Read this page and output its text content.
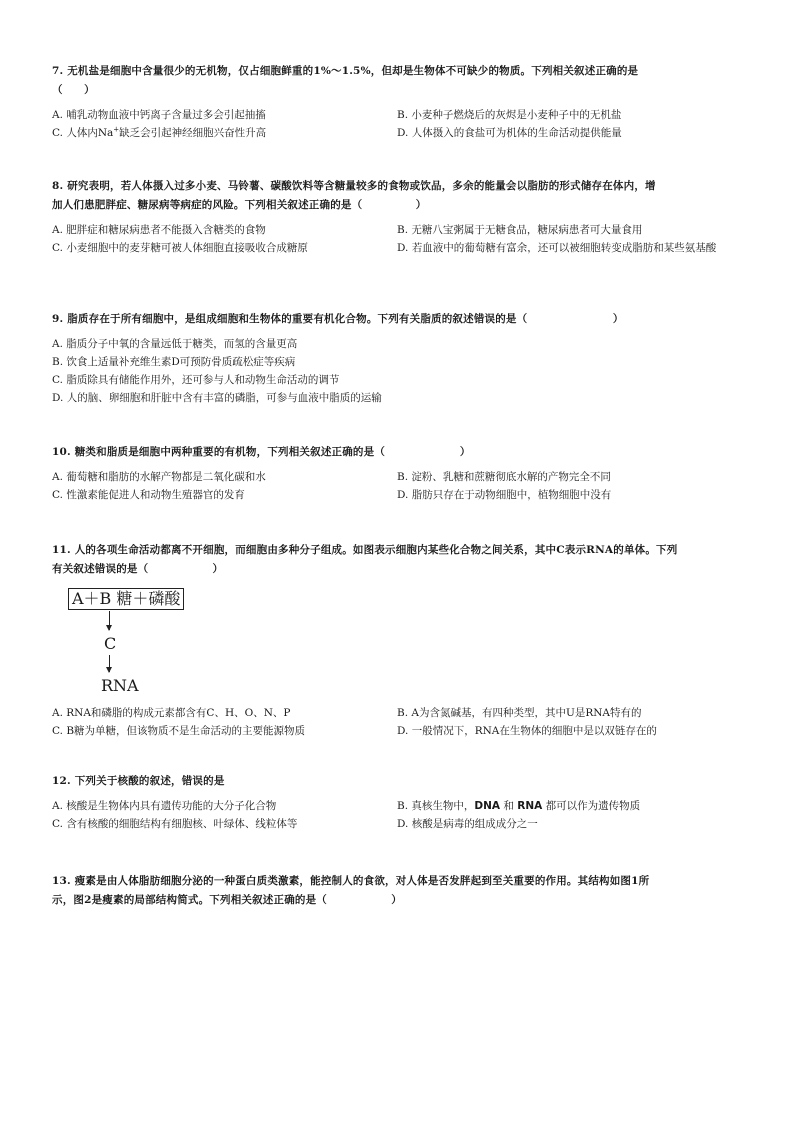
7. 无机盐是细胞中含量很少的无机物，仅占细胞鲜重的1%～1.5%，但却是生物体不可缺少的物质。下列相关叙述正确的是
（　　）
A. 哺乳动物血液中钙离子含量过多会引起抽搐	B. 小麦种子燃烧后的灰烬是小麦种子中的无机盐
C. 人体内Na+缺乏会引起神经细胞兴奋性升高	D. 人体摄入的食盐可为机体的生命活动提供能量
8. 研究表明，若人体摄入过多小麦、马铃薯、碳酸饮料等含糖量较多的食物或饮品，多余的能量会以脂肪的形式储存在体内，增
加人们患肥胖症、糖尿病等病症的风险。下列相关叙述正确的是（　　　　　）
A. 肥胖症和糖尿病患者不能摄入含糖类的食物	B. 无糖八宝粥属于无糖食品，糖尿病患者可大量食用
C. 小麦细胞中的麦芽糖可被人体细胞直接吸收合成糖原	D. 若血液中的葡萄糖有富余，还可以被细胞转变成脂肪和某些氨基酸
9. 脂质存在于所有细胞中，是组成细胞和生物体的重要有机化合物。下列有关脂质的叙述错误的是（　　　　　　　　）
A. 脂质分子中氧的含量远低于糖类，而氢的含量更高
B. 饮食上适量补充维生素D可预防骨质疏松症等疾病
C. 脂质除具有储能作用外，还可参与人和动物生命活动的调节
D. 人的脑、卵细胞和肝脏中含有丰富的磷脂，可参与血液中脂质的运输
10. 糖类和脂质是细胞中两种重要的有机物，下列相关叙述正确的是（　　　　　　　）
A. 葡萄糖和脂肪的水解产物都是二氧化碳和水	B. 淀粉、乳糖和蔗糖彻底水解的产物完全不同
C. 性激素能促进人和动物生殖器官的发育	D. 脂肪只存在于动物细胞中，植物细胞中没有
11. 人的各项生命活动都离不开细胞，而细胞由多种分子组成。如图表示细胞内某些化合物之间关系，其中C表示RNA的单体。下列
有关叙述错误的是（　　　　　　）
A＋B 糖＋磷酸
C
RNA
A. RNA和磷脂的构成元素都含有C、H、O、N、P	B. A为含氮碱基，有四种类型，其中U是RNA特有的
C. B糖为单糖，但该物质不是生命活动的主要能源物质	D. 一般情况下，RNA在生物体的细胞中是以双链存在的
12. 下列关于核酸的叙述，错误的是
A. 核酸是生物体内具有遗传功能的大分子化合物	B. 真核生物中，DNA 和 RNA 都可以作为遗传物质
C. 含有核酸的细胞结构有细胞核、叶绿体、线粒体等	D. 核酸是病毒的组成成分之一
13. 瘦素是由人体脂肪细胞分泌的一种蛋白质类激素，能控制人的食欲，对人体是否发胖起到至关重要的作用。其结构如图1所
示，图2是瘦素的局部结构简式。下列相关叙述正确的是（　　　　　　）
